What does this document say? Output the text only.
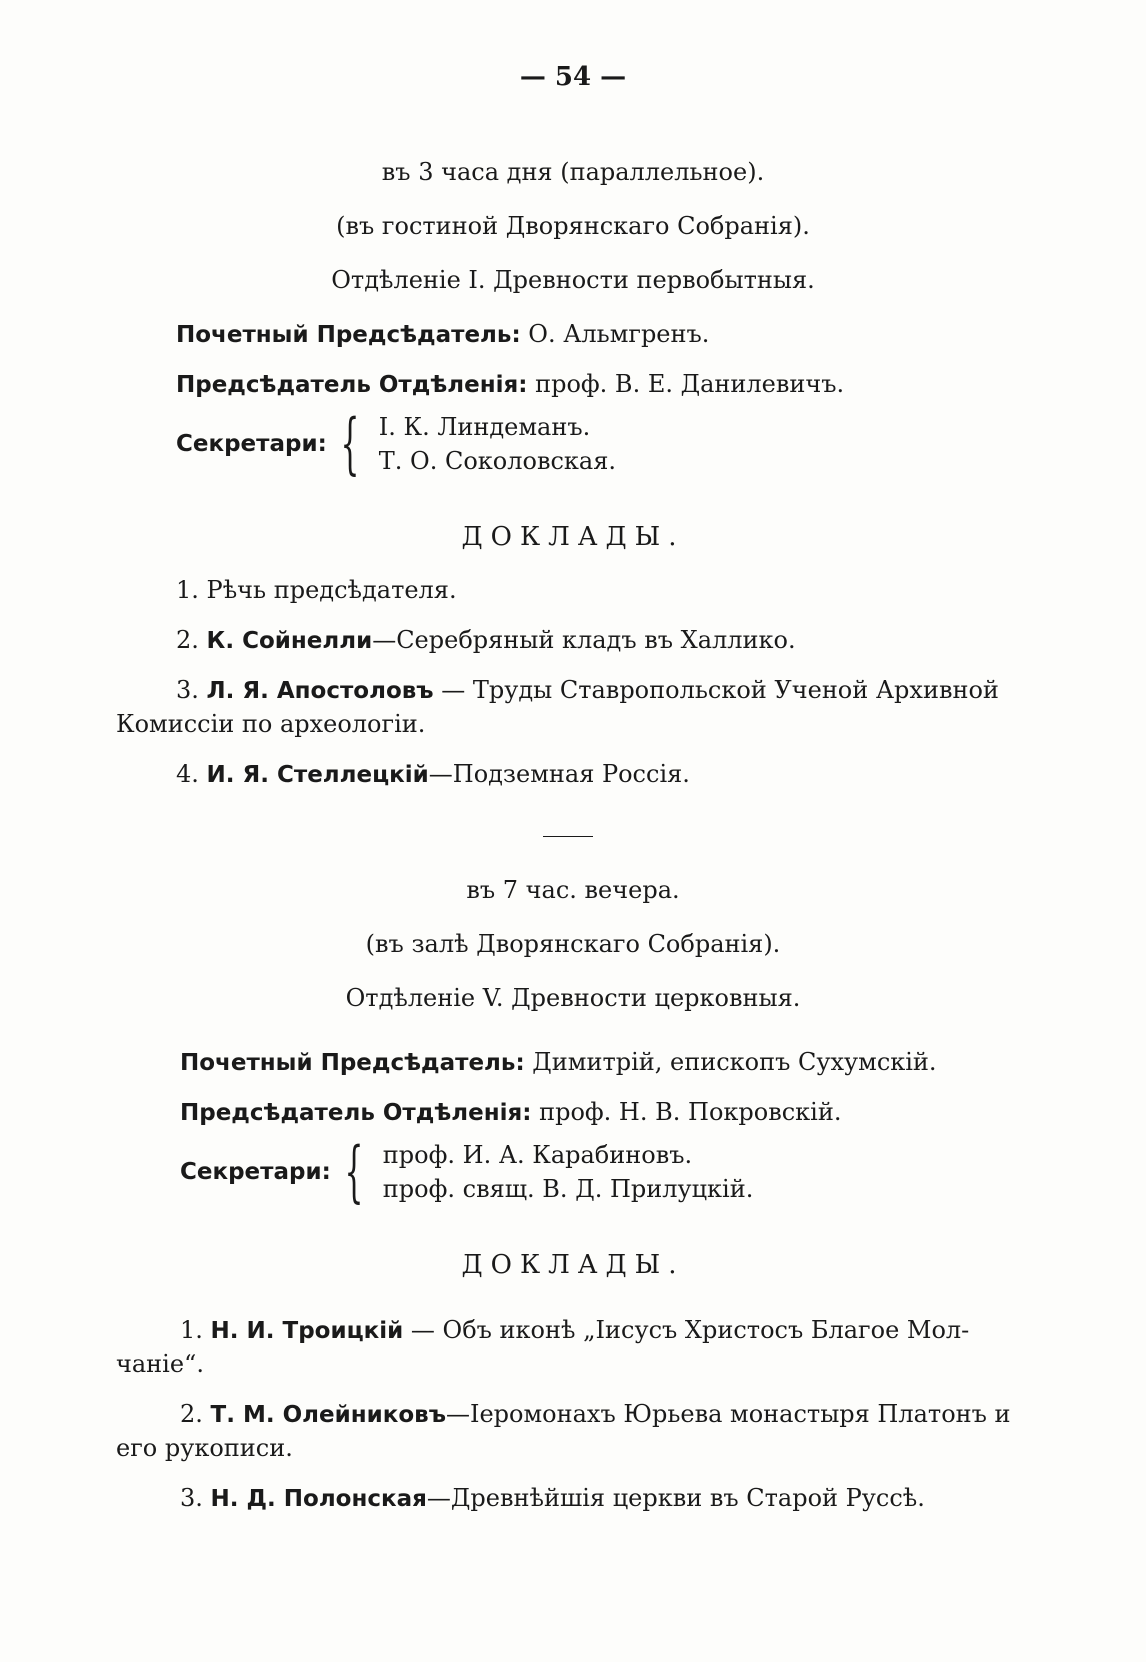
— 54 —
въ 3 часа дня (параллельное).
(въ гостиной Дворянскаго Собранія).
Отдѣленіе I. Древности первобытныя.
Почетный Предсѣдатель: О. Альмгренъ.
Предсѣдатель Отдѣленія: проф. В. Е. Данилевичъ.
Секретари: { I. К. Линдеманъ.
Т. О. Соколовская.
ДОКЛАДЫ.
1. Рѣчь предсѣдателя.
2. К. Сойнелли—Серебряный кладъ въ Халлико.
3. Л. Я. Апостоловъ — Труды Ставропольской Ученой Архивной
Комиссіи по археологіи.
4. И. Я. Стеллецкій—Подземная Россія.
въ 7 час. вечера.
(въ залѣ Дворянскаго Собранія).
Отдѣленіе V. Древности церковныя.
Почетный Предсѣдатель: Димитрій, епископъ Сухумскій.
Предсѣдатель Отдѣленія: проф. Н. В. Покровскій.
Секретари: { проф. И. А. Карабиновъ.
проф. свящ. В. Д. Прилуцкій.
ДОКЛАДЫ.
1. Н. И. Троицкій — Объ иконѣ „Іисусъ Христосъ Благое Мол-
чаніе“.
2. Т. М. Олейниковъ—Іеромонахъ Юрьева монастыря Платонъ и
его рукописи.
3. Н. Д. Полонская—Древнѣйшія церкви въ Старой Руссѣ.
